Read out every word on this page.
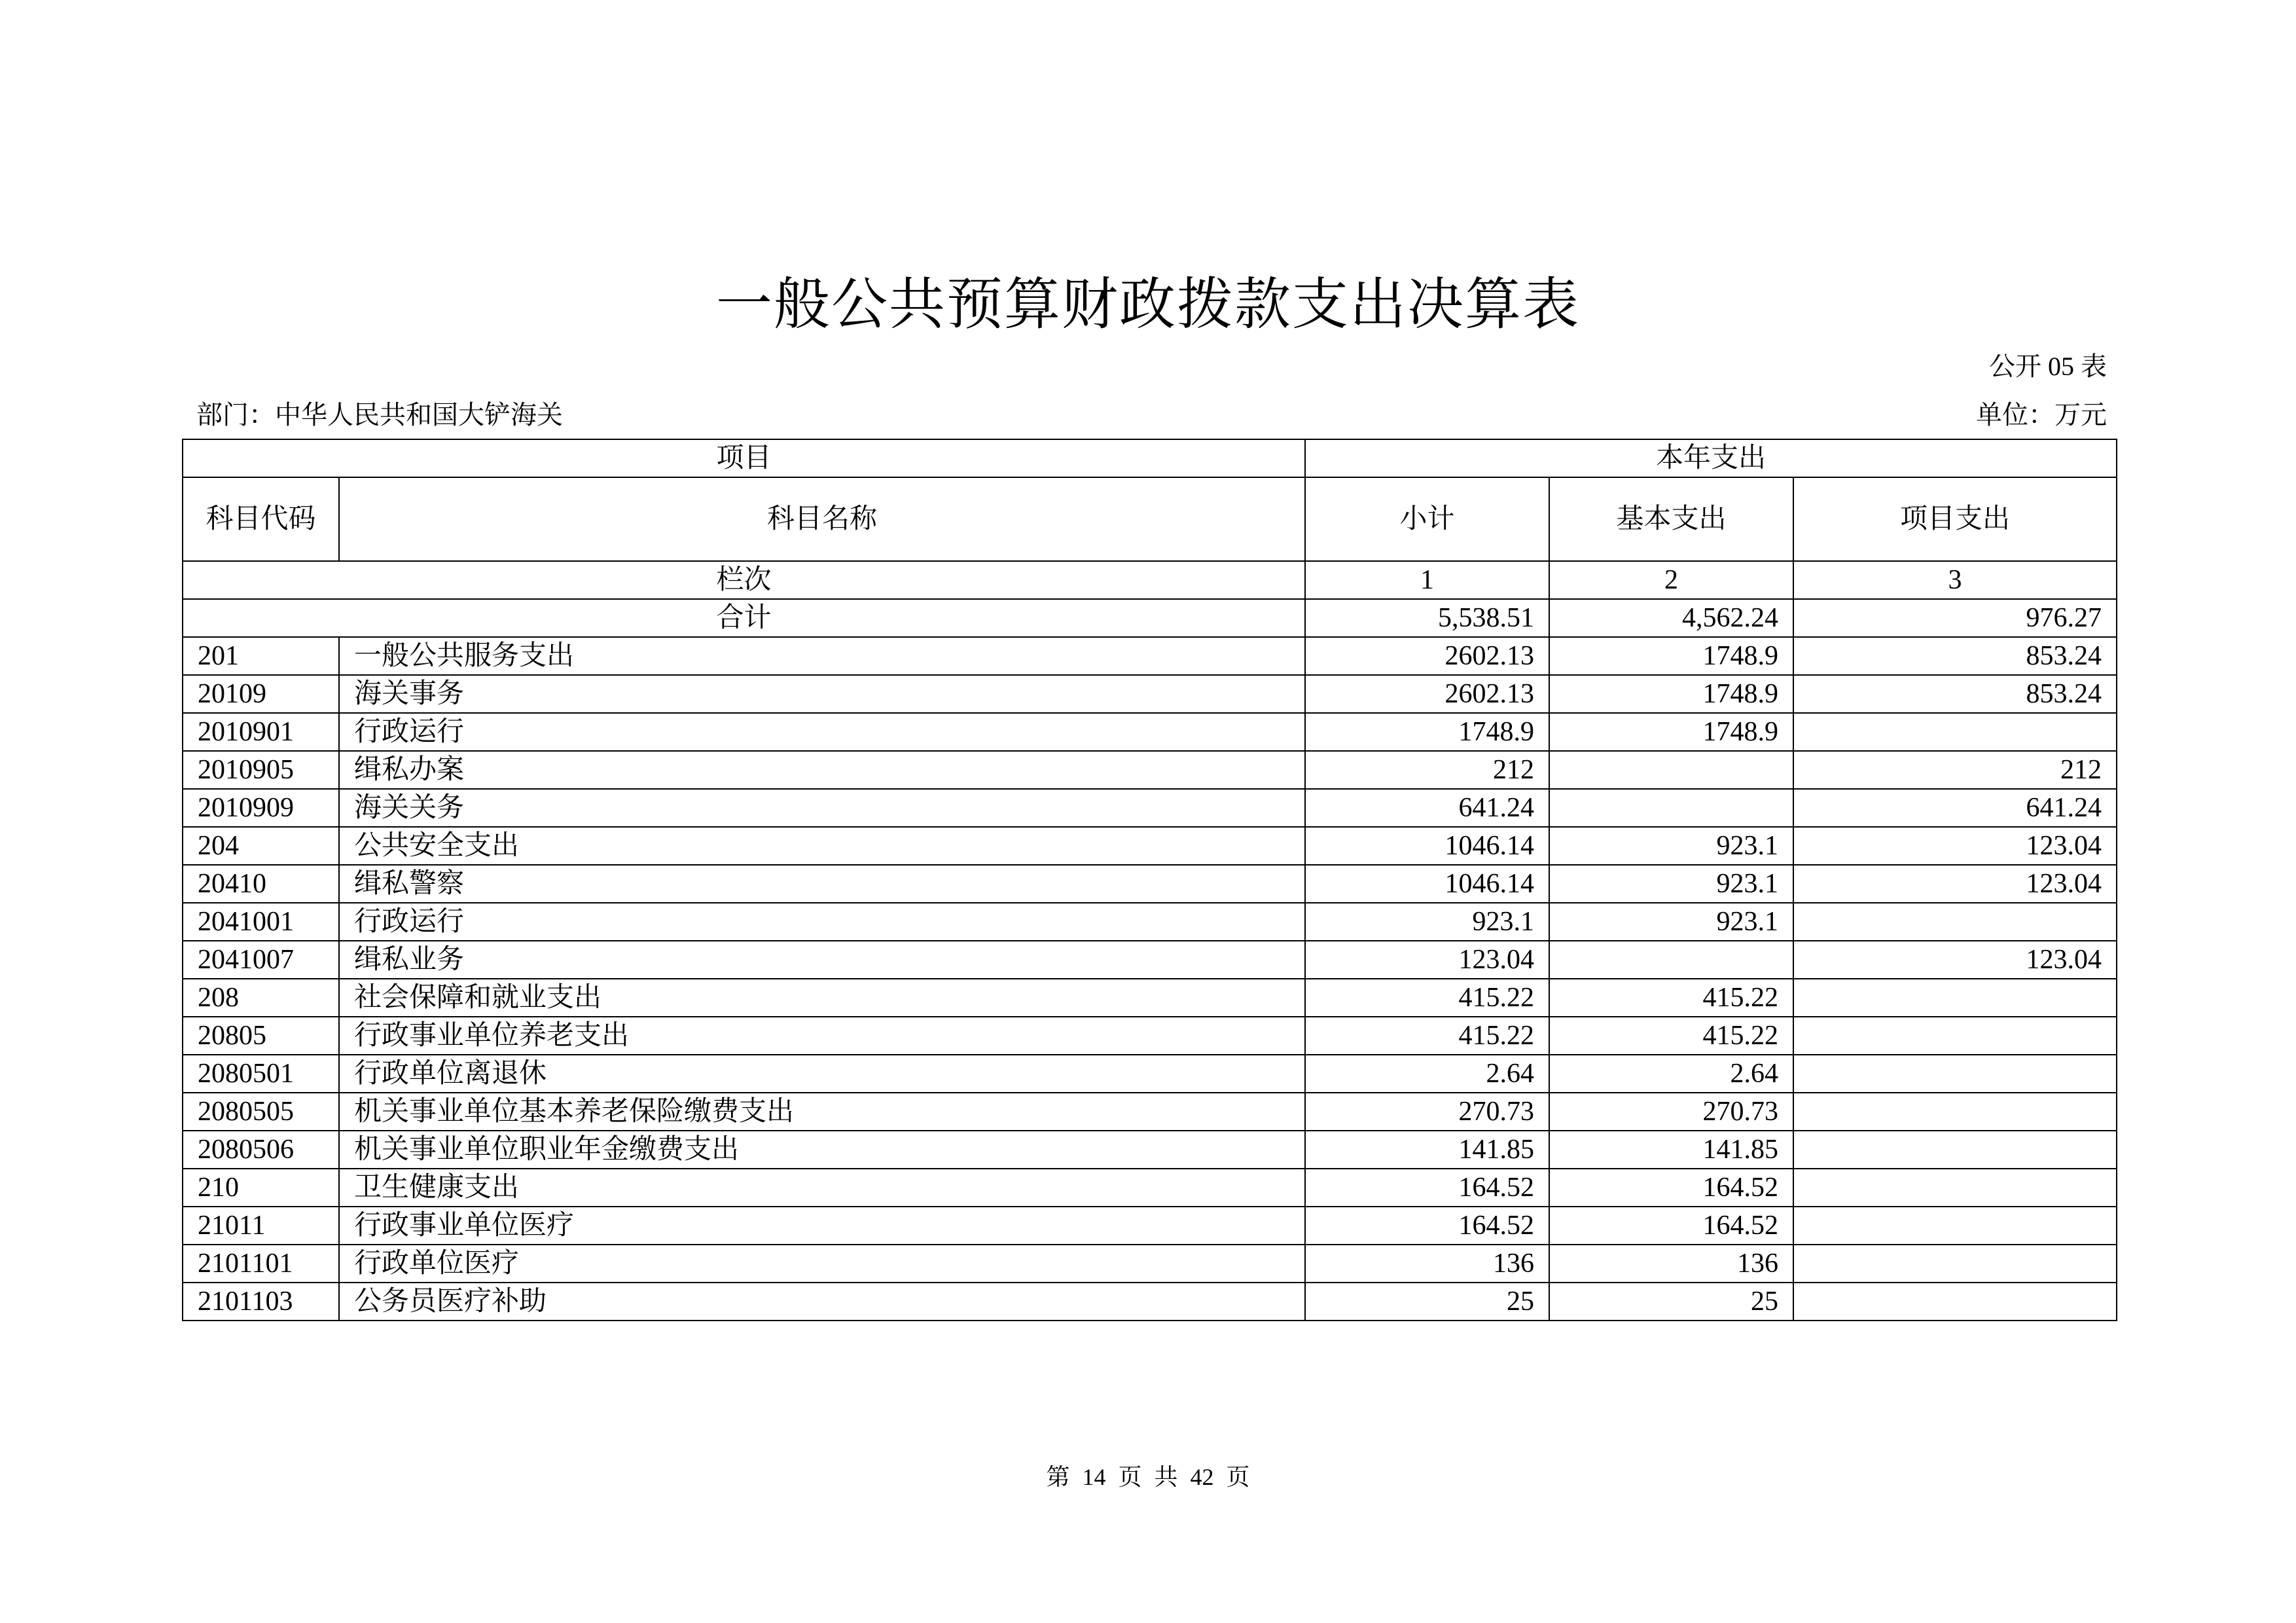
一般公共预算财政拨款支出决算表
公开 05 表
部门：中华人民共和国大铲海关	单位：万元
项目		本年支出		
科目代码	科目名称	小计	基本支出	项目支出
栏次		1	2	3
合计		5,538.51	4,562.24	976.27
201	一般公共服务支出	2602.13	1748.9	853.24
20109	海关事务	2602.13	1748.9	853.24
2010901	行政运行	1748.9	1748.9	
2010905	缉私办案	212		212
2010909	海关关务	641.24		641.24
204	公共安全支出	1046.14	923.1	123.04
20410	缉私警察	1046.14	923.1	123.04
2041001	行政运行	923.1	923.1	
2041007	缉私业务	123.04		123.04
208	社会保障和就业支出	415.22	415.22	
20805	行政事业单位养老支出	415.22	415.22	
2080501	行政单位离退休	2.64	2.64	
2080505	机关事业单位基本养老保险缴费支出	270.73	270.73	
2080506	机关事业单位职业年金缴费支出	141.85	141.85	
210	卫生健康支出	164.52	164.52	
21011	行政事业单位医疗	164.52	164.52	
2101101	行政单位医疗	136	136	
2101103	公务员医疗补助	25	25	
第 14 页 共 42 页
